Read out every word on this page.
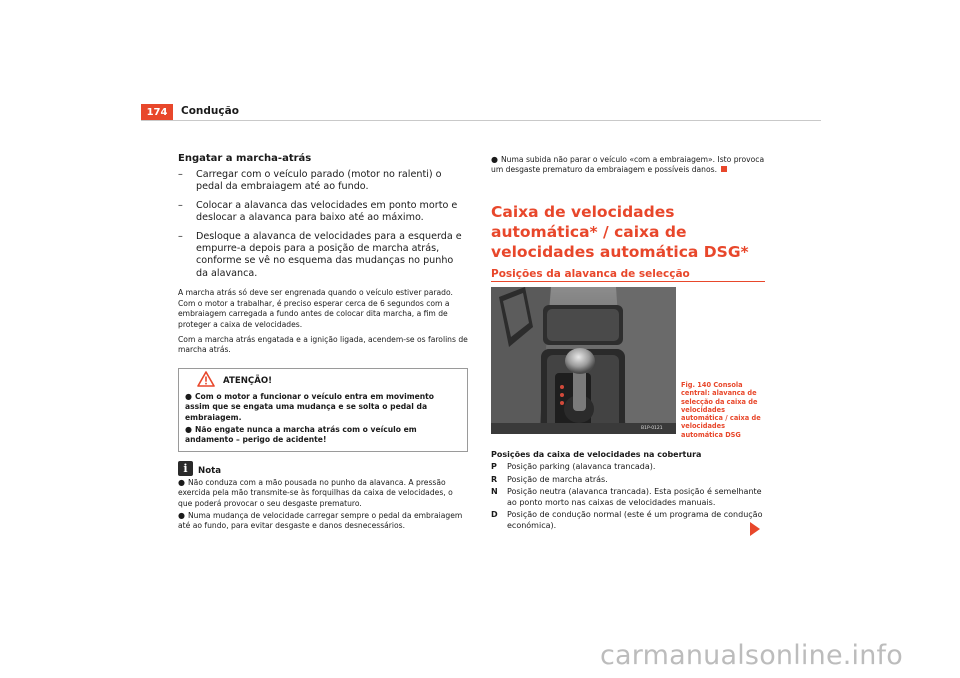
174	Condução
Engatar a marcha-atrás
–	Carregar com o veículo parado (motor no ralenti) o pedal da embraiagem até ao fundo.
–	Colocar a alavanca das velocidades em ponto morto e deslocar a alavanca para baixo até ao máximo.
–	Desloque a alavanca de velocidades para a esquerda e empurre-a depois para a posição de marcha atrás, conforme se vê no esquema das mudanças no punho da alavanca.

A marcha atrás só deve ser engrenada quando o veículo estiver parado. Com o motor a trabalhar, é preciso esperar cerca de 6 segundos com a embraiagem carregada a fundo antes de colocar dita marcha, a fim de proteger a caixa de velocidades.

Com a marcha atrás engatada e a ignição ligada, acendem-se os farolins de marcha atrás.

ATENÇÃO!
● Com o motor a funcionar o veículo entra em movimento assim que se engata uma mudança e se solta o pedal da embraiagem.
● Não engate nunca a marcha atrás com o veículo em andamento – perigo de acidente!
i	Nota
● Não conduza com a mão pousada no punho da alavanca. A pressão exercida pela mão transmite-se às forquilhas da caixa de velocidades, o que poderá provocar o seu desgaste prematuro.
● Numa mudança de velocidade carregar sempre o pedal da embraiagem até ao fundo, para evitar desgaste e danos desnecessários.
● Numa subida não parar o veículo «com a embraiagem». Isto provoca um desgaste prematuro da embraiagem e possíveis danos.
Caixa de velocidades automática* / caixa de velocidades automática DSG*
Posições da alavanca de selecção
B1P-0121
Fig. 140 Consola central: alavanca de selecção da caixa de velocidades automática / caixa de velocidades automática DSG
Posições da caixa de velocidades na cobertura
P	Posição parking (alavanca trancada).
R	Posição de marcha atrás.
N	Posição neutra (alavanca trancada). Esta posição é semelhante ao ponto morto nas caixas de velocidades manuais.
D	Posição de condução normal (este é um programa de condução económica).
carmanualsonline.info
